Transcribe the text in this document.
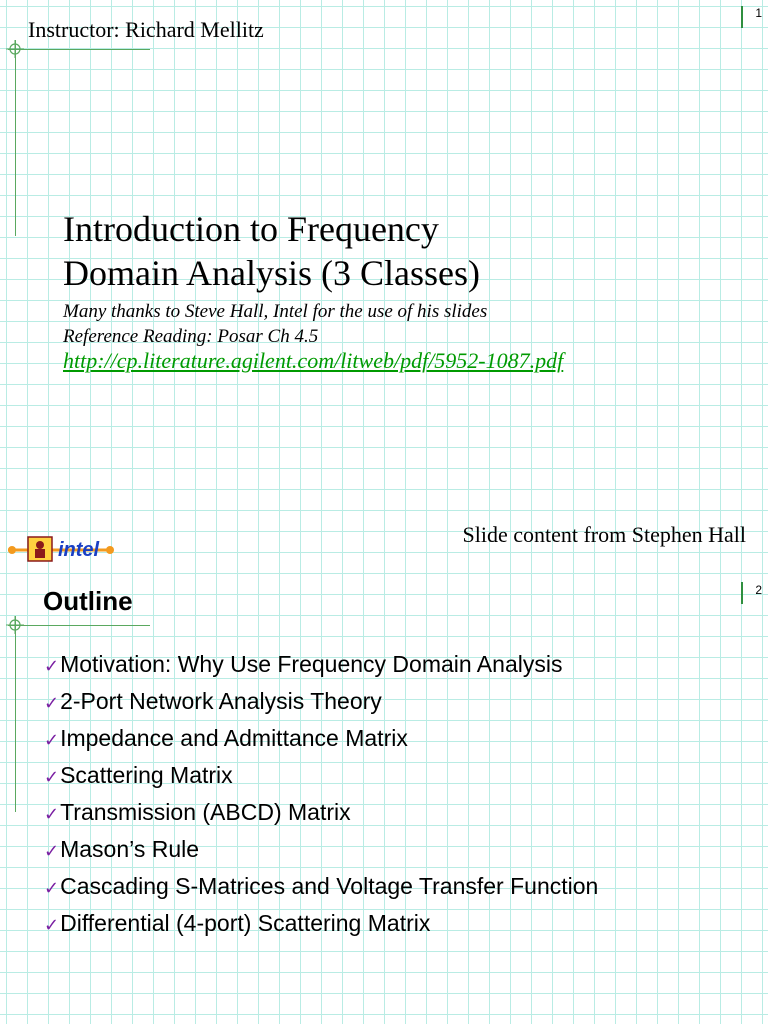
1
Instructor: Richard Mellitz
Introduction to Frequency
Domain Analysis (3 Classes)
Many thanks to Steve Hall, Intel for the use of his slides
Reference Reading: Posar Ch 4.5
http://cp.literature.agilent.com/litweb/pdf/5952-1087.pdf
Slide content from Stephen Hall
intel
2
Outline
✓Motivation: Why Use Frequency Domain Analysis
✓2-Port Network Analysis Theory
✓Impedance and Admittance Matrix
✓Scattering Matrix
✓Transmission (ABCD) Matrix
✓Mason’s Rule
✓Cascading S-Matrices and Voltage Transfer Function
✓Differential (4-port) Scattering Matrix
